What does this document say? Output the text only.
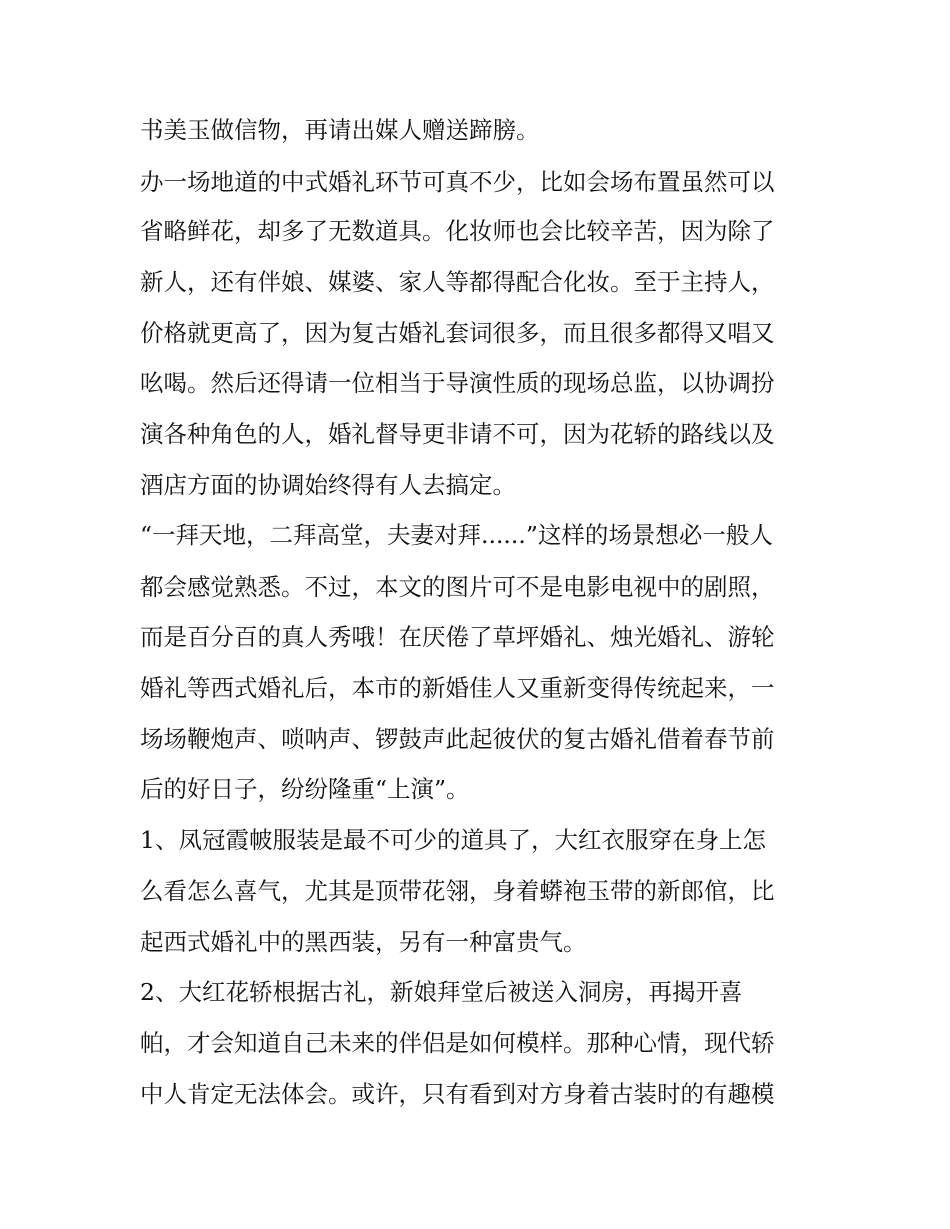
书美玉做信物，再请出媒人赠送蹄膀。
办一场地道的中式婚礼环节可真不少，比如会场布置虽然可以
省略鲜花，却多了无数道具。化妆师也会比较辛苦，因为除了
新人，还有伴娘、媒婆、家人等都得配合化妆。至于主持人，
价格就更高了，因为复古婚礼套词很多，而且很多都得又唱又
吆喝。然后还得请一位相当于导演性质的现场总监，以协调扮
演各种角色的人，婚礼督导更非请不可，因为花轿的路线以及
酒店方面的协调始终得有人去搞定。
“一拜天地，二拜高堂，夫妻对拜......”这样的场景想必一般人
都会感觉熟悉。不过，本文的图片可不是电影电视中的剧照，
而是百分百的真人秀哦！在厌倦了草坪婚礼、烛光婚礼、游轮
婚礼等西式婚礼后，本市的新婚佳人又重新变得传统起来，一
场场鞭炮声、唢呐声、锣鼓声此起彼伏的复古婚礼借着春节前
后的好日子，纷纷隆重“上演”。
1、凤冠霞帔服装是最不可少的道具了，大红衣服穿在身上怎
么看怎么喜气，尤其是顶带花翎，身着蟒袍玉带的新郎倌，比
起西式婚礼中的黑西装，另有一种富贵气。
2、大红花轿根据古礼，新娘拜堂后被送入洞房，再揭开喜
帕，才会知道自己未来的伴侣是如何模样。那种心情，现代轿
中人肯定无法体会。或许，只有看到对方身着古装时的有趣模
